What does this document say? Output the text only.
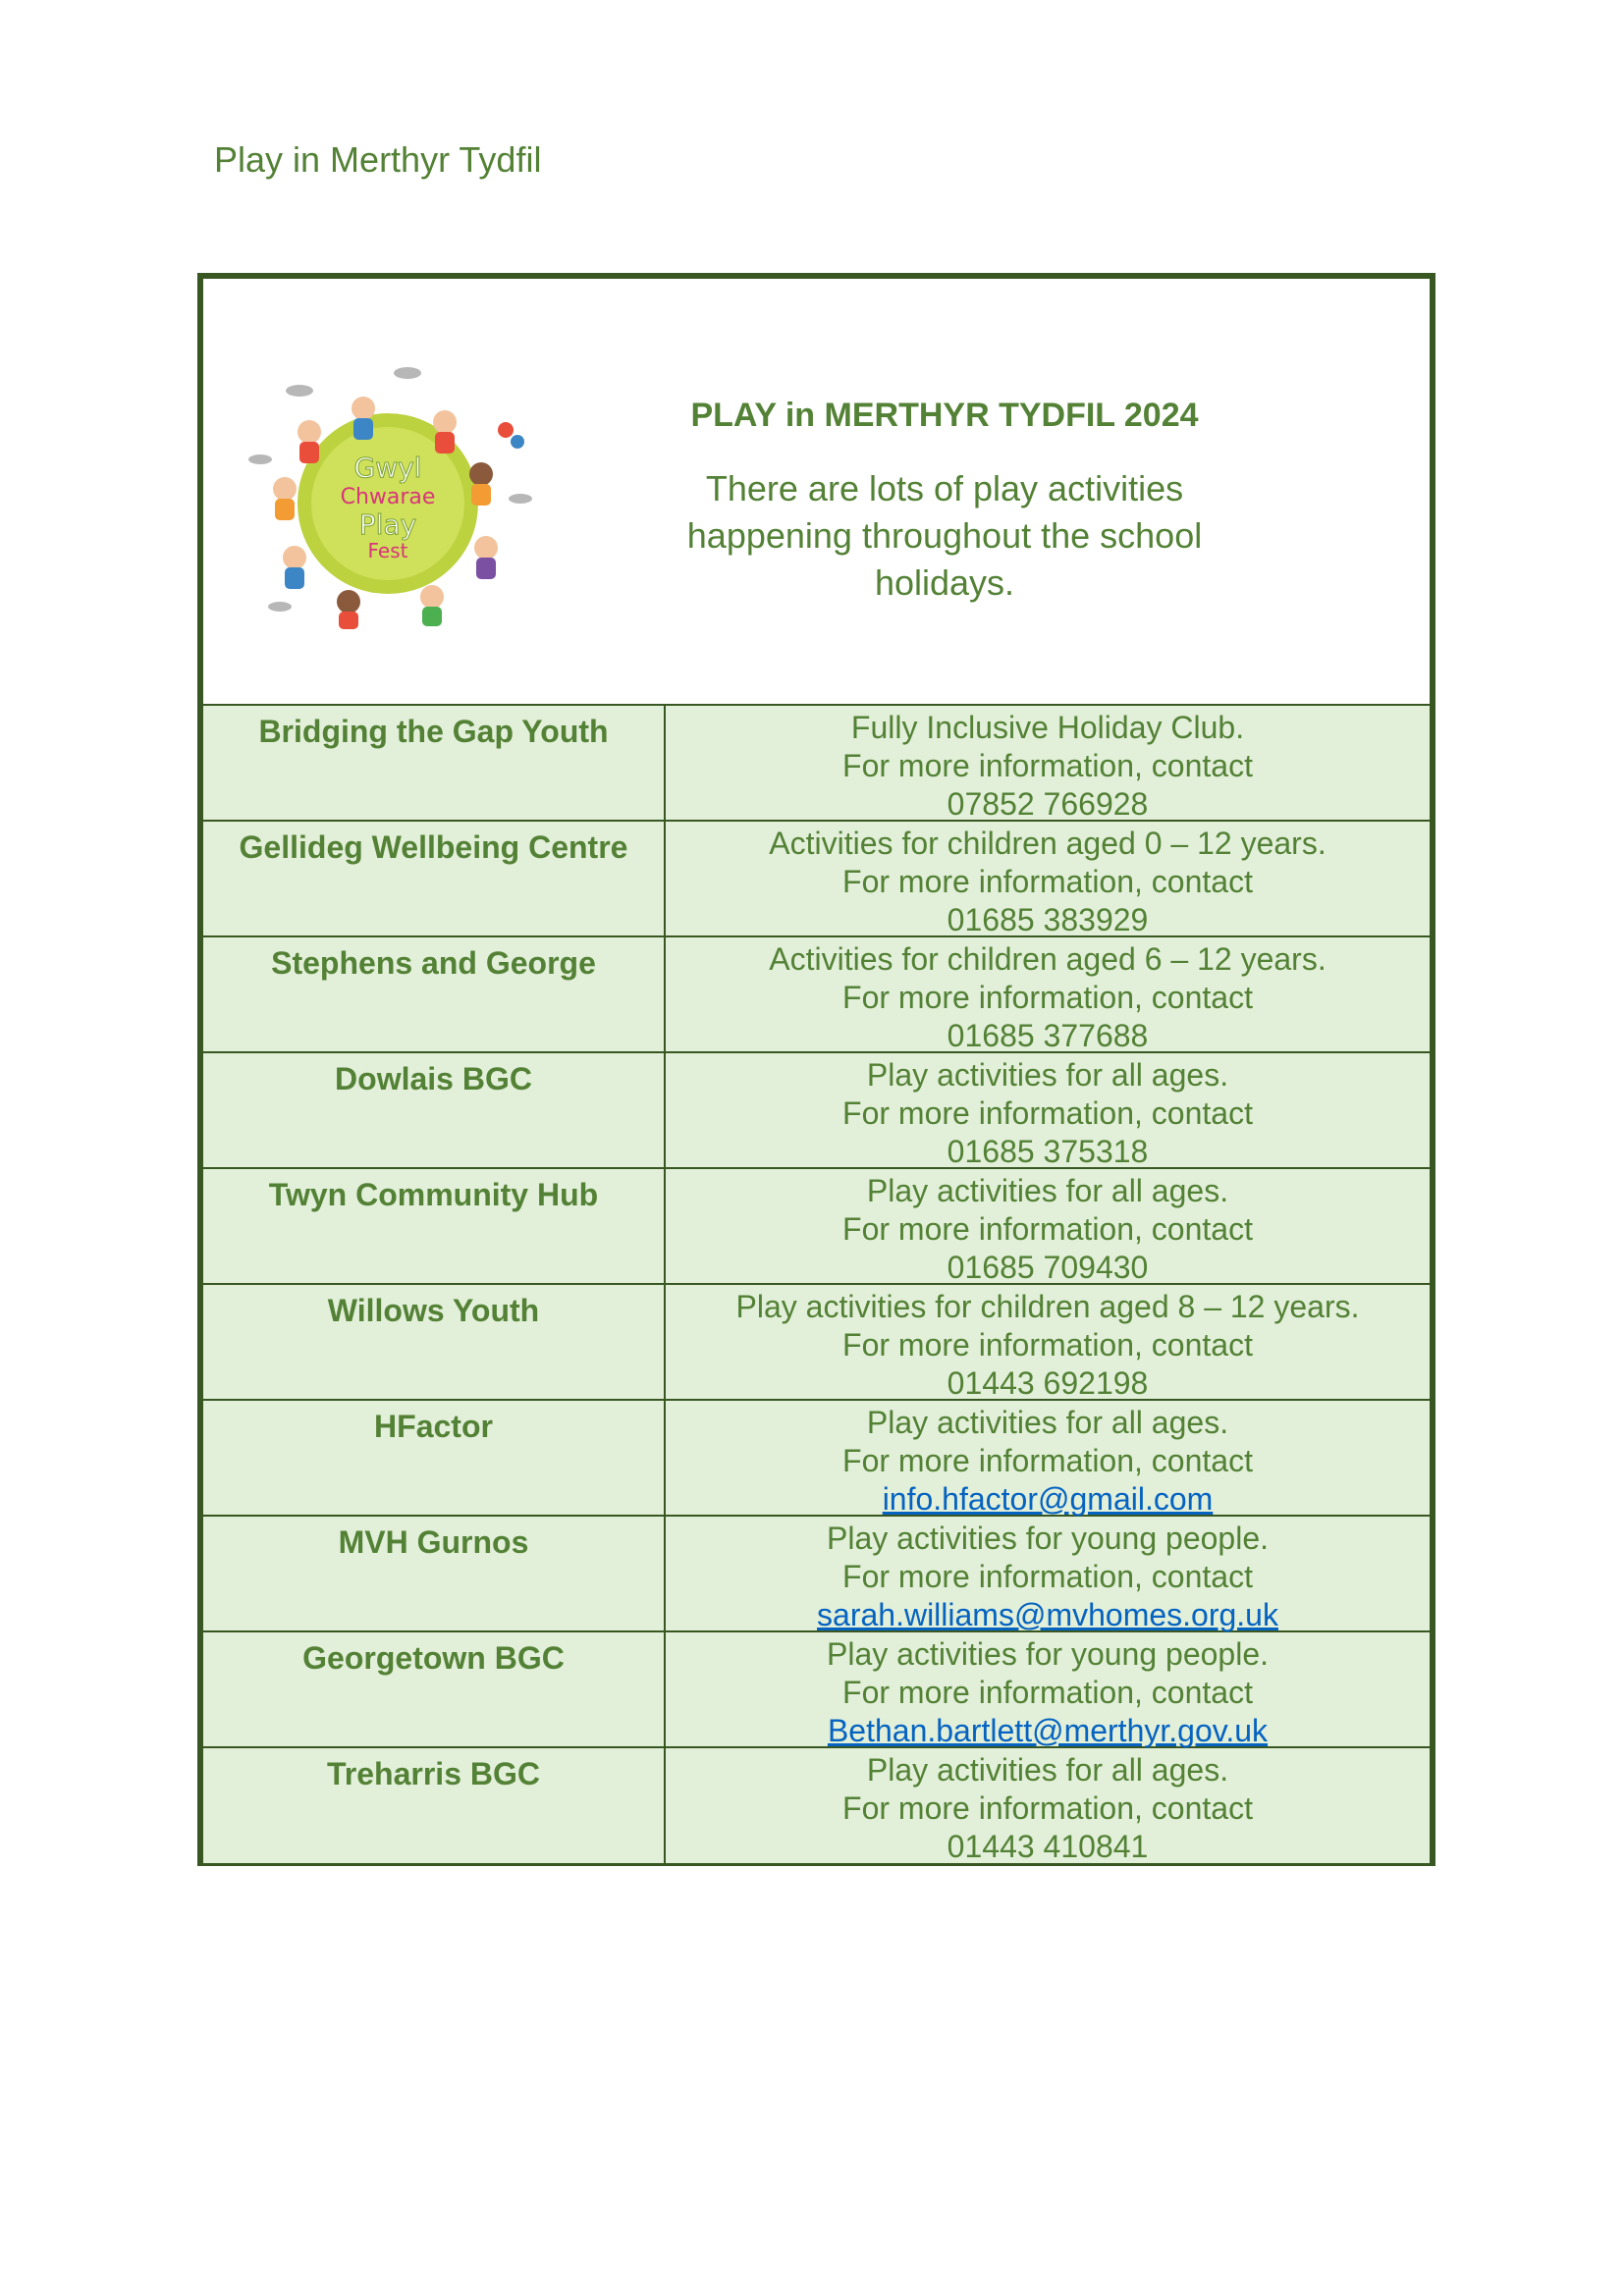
Play in Merthyr Tydfil
Gwyl
Chwarae
Play
Fest
PLAY in MERTHYR TYDFIL 2024
There are lots of play activities
happening throughout the school
holidays.
Bridging the Gap Youth	Fully Inclusive Holiday Club.
For more information, contact
07852 766928
Gellideg Wellbeing Centre	Activities for children aged 0 – 12 years.
For more information, contact
01685 383929
Stephens and George	Activities for children aged 6 – 12 years.
For more information, contact
01685 377688
Dowlais BGC	Play activities for all ages.
For more information, contact
01685 375318
Twyn Community Hub	Play activities for all ages.
For more information, contact
01685 709430
Willows Youth	Play activities for children aged 8 – 12 years.
For more information, contact
01443 692198
HFactor	Play activities for all ages.
For more information, contact
info.hfactor@gmail.com
MVH Gurnos	Play activities for young people.
For more information, contact
sarah.williams@mvhomes.org.uk
Georgetown BGC	Play activities for young people.
For more information, contact
Bethan.bartlett@merthyr.gov.uk
Treharris BGC	Play activities for all ages.
For more information, contact
01443 410841
